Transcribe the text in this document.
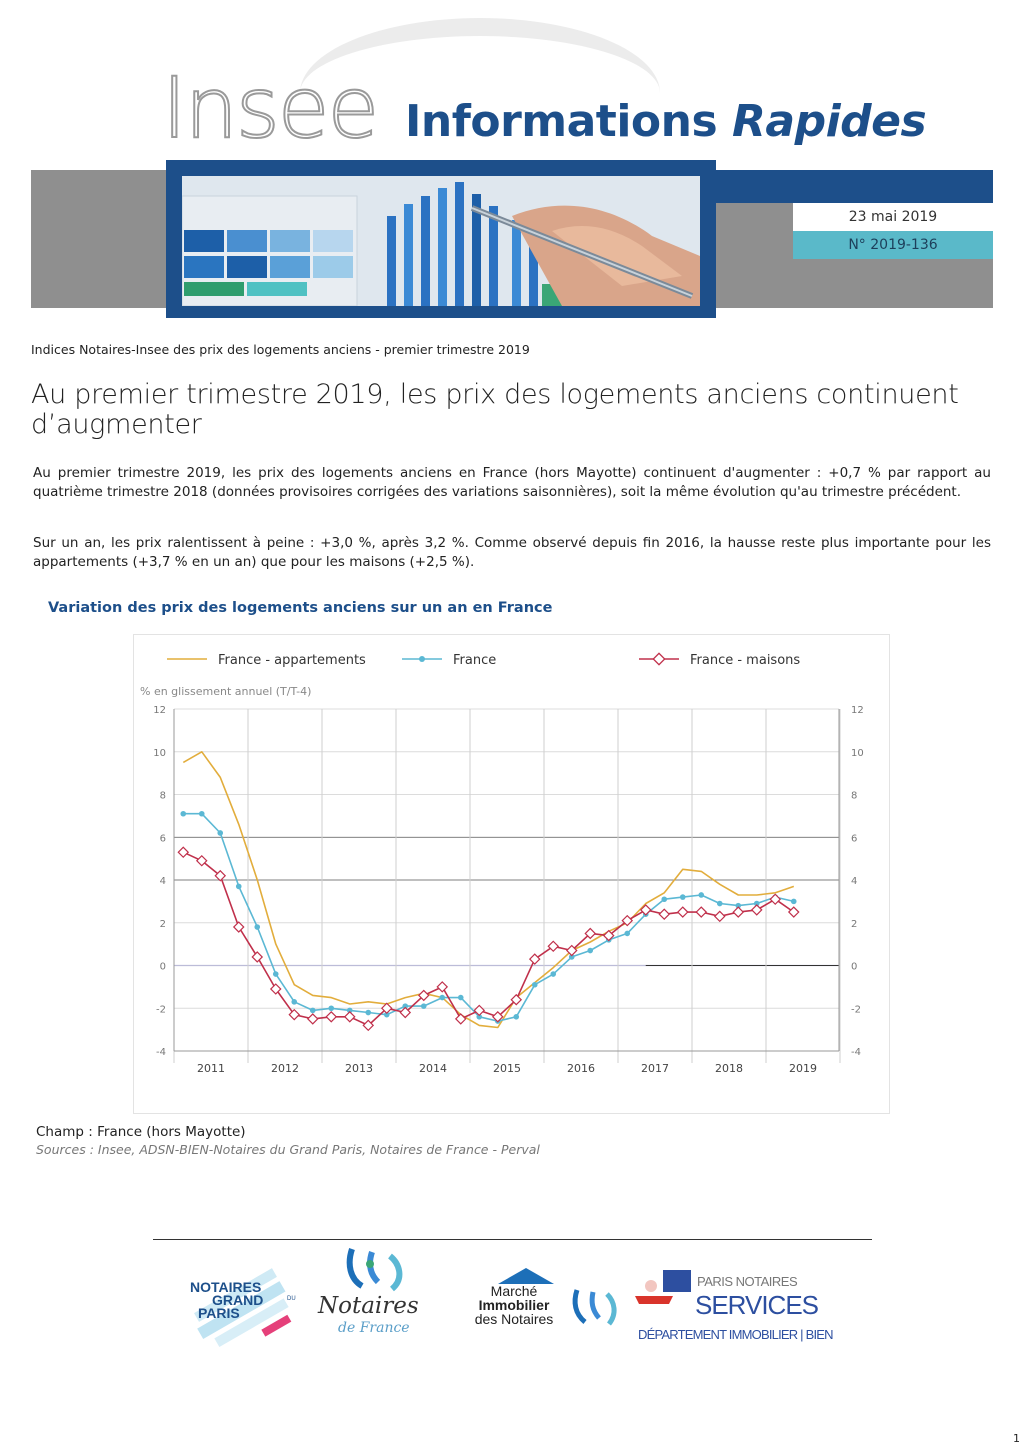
Insee Informations Rapides
23 mai 2019
N° 2019-136
Indices Notaires-Insee des prix des logements anciens - premier trimestre 2019
Au premier trimestre 2019, les prix des logements anciens continuent d’augmenter

Au premier trimestre 2019, les prix des logements anciens en France (hors Mayotte) continuent d'augmenter : +0,7 % par rapport au quatrième trimestre 2018 (données provisoires corrigées des variations saisonnières), soit la même évolution qu'au trimestre précédent.

Sur un an, les prix ralentissent à peine : +3,0 %, après 3,2 %. Comme observé depuis fin 2016, la hausse reste plus importante pour les appartements (+3,7 % en un an) que pour les maisons (+2,5 %).

Variation des prix des logements anciens sur un an en France
12	12
10	10
8	8
6	6
4	4
2	2
0	0
-2	-2
-4	-4
2011	2012	2013	2014	2015	2016	2017	2018	2019
% en glissement annuel (T/T-4)
France - appartements	France	France - maisons
Champ : France (hors Mayotte)
Sources : Insee, ADSN-BIEN-Notaires du Grand Paris, Notaires de France - Perval
NOTAIRES
GRAND
PARIS
DU Notaires
de France
Marché
Immobilier
des Notaires
PARIS NOTAIRES
SERVICES
DÉPARTEMENT IMMOBILIER | BIEN
1
